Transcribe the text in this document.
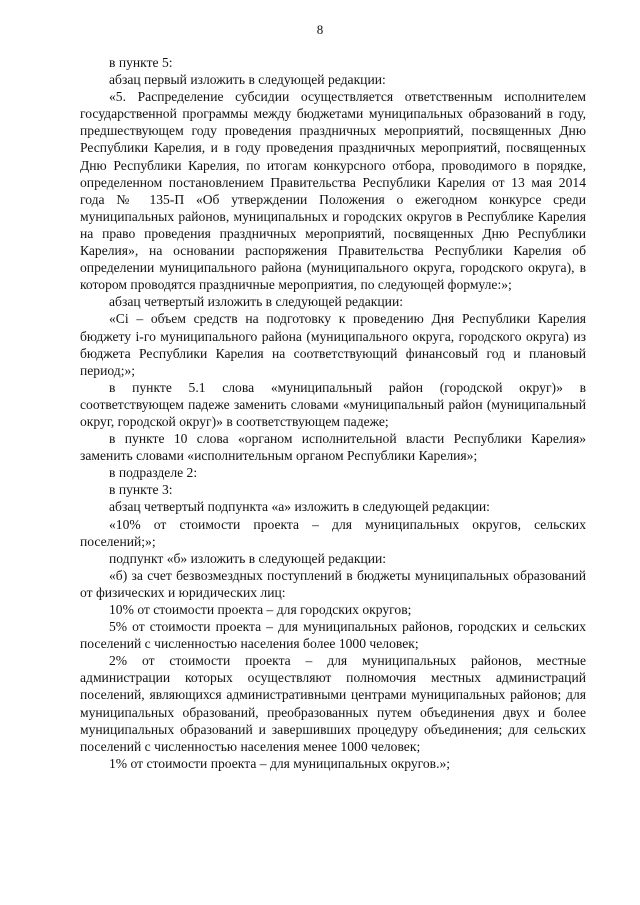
8

в пункте 5:

абзац первый изложить в следующей редакции:

«5. Распределение субсидии осуществляется ответственным исполнителем государственной программы между бюджетами муниципальных образований в году, предшествующем году проведения праздничных мероприятий, посвященных Дню Республики Карелия, и в году проведения праздничных мероприятий, посвященных Дню Республики Карелия, по итогам конкурсного отбора, проводимого в порядке, определенном постановлением Правительства Республики Карелия от 13 мая 2014 года № 135-П «Об утверждении Положения о ежегодном конкурсе среди муниципальных районов, муниципальных и городских округов в Республике Карелия на право проведения праздничных мероприятий, посвященных Дню Республики Карелия», на основании распоряжения Правительства Республики Карелия об определении муниципального района (муниципального округа, городского округа), в котором проводятся праздничные мероприятия, по следующей формуле:»;

абзац четвертый изложить в следующей редакции:

«Ci – объем средств на подготовку к проведению Дня Республики Карелия бюджету i-го муниципального района (муниципального округа, городского округа) из бюджета Республики Карелия на соответствующий финансовый год и плановый период;»;

в пункте 5.1 слова «муниципальный район (городской округ)» в соответствующем падеже заменить словами «муниципальный район (муниципальный округ, городской округ)» в соответствующем падеже;

в пункте 10 слова «органом исполнительной власти Республики Карелия» заменить словами «исполнительным органом Республики Карелия»;

в подразделе 2:

в пункте 3:

абзац четвертый подпункта «а» изложить в следующей редакции:

«10% от стоимости проекта – для муниципальных округов, сельских поселений;»;

подпункт «б» изложить в следующей редакции:

«б) за счет безвозмездных поступлений в бюджеты муниципальных образований от физических и юридических лиц:

10% от стоимости проекта – для городских округов;

5% от стоимости проекта – для муниципальных районов, городских и сельских поселений с численностью населения более 1000 человек;

2% от стоимости проекта – для муниципальных районов, местные администрации которых осуществляют полномочия местных администраций поселений, являющихся административными центрами муниципальных районов; для муниципальных образований, преобразованных путем объединения двух и более муниципальных образований и завершивших процедуру объединения; для сельских поселений с численностью населения менее 1000 человек;

1% от стоимости проекта – для муниципальных округов.»;
